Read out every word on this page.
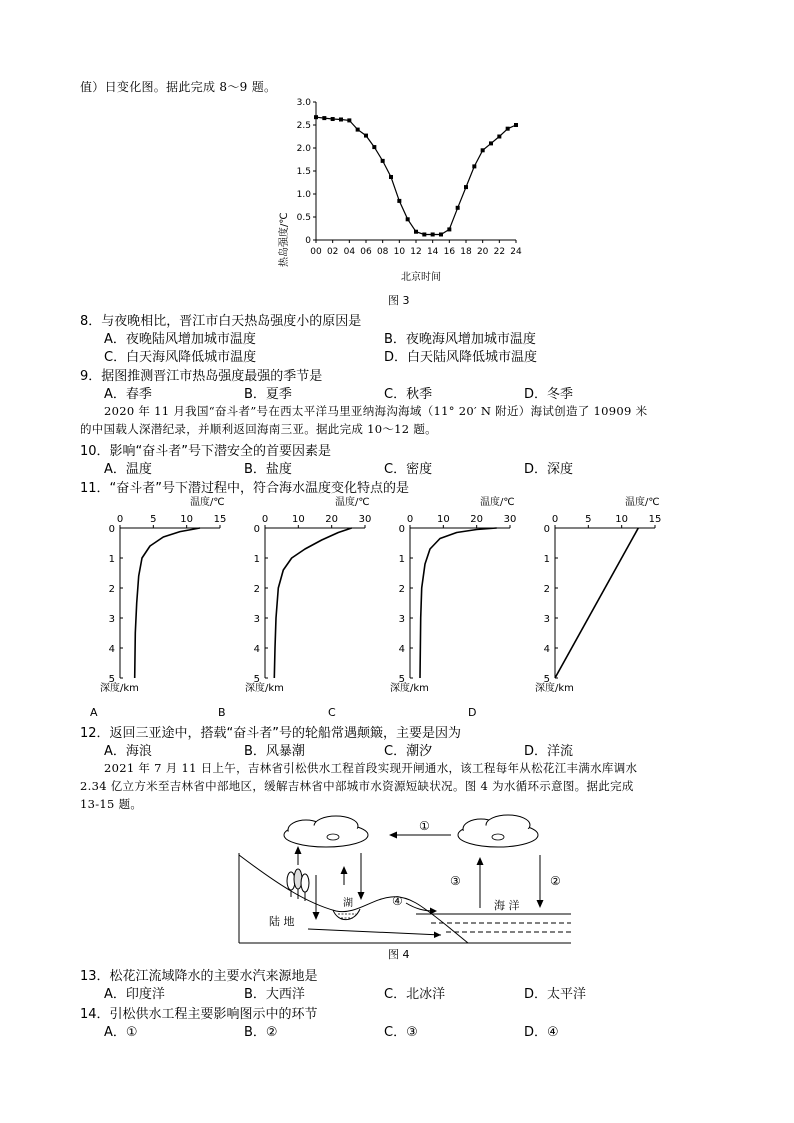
值）日变化图。据此完成 8～9 题。
00 02 04 06 08 10 12 14 16 18 20 22 24
0
0.5
1.0
1.5
2.0
2.5
3.0
热岛强度/℃
北京时间
图 3
8．与夜晚相比，晋江市白天热岛强度小的原因是
A．夜晚陆风增加城市温度	B．夜晚海风增加城市温度
C．白天海风降低城市温度	D．白天陆风降低城市温度
9．据图推测晋江市热岛强度最强的季节是
A．春季	B．夏季	C．秋季	D．冬季
2020 年 11 月我国“奋斗者”号在西太平洋马里亚纳海沟海域（11° 20′ N 附近）海试创造了 10909 米
的中国载人深潜纪录，并顺利返回海南三亚。据此完成 10～12 题。
10．影响“奋斗者”号下潜安全的首要因素是
A．温度	B．盐度	C．密度	D．深度
11．“奋斗者”号下潜过程中，符合海水温度变化特点的是
温度/℃
0	5 10 15
0
1
2
3
4
5
深度/km
A
温度/℃
0 10 20 30
0
1
2
3
4
5
深度/km
B
温度/℃
0 10 20 30
0
1
2
3
4
5
深度/km
C
温度/℃
0	5 10 15
0
1
2
3
4
5
深度/km
D
12．返回三亚途中，搭载“奋斗者”号的轮船常遇颠簸，主要是因为
A．海浪	B．风暴潮	C．潮汐	D．洋流
2021 年 7 月 11 日上午，吉林省引松供水工程首段实现开闸通水，该工程每年从松花江丰满水库调水
2.34 亿立方米至吉林省中部地区，缓解吉林省中部城市水资源短缺状况。图 4 为水循环示意图。据此完成
13-15 题。
湖	海 洋
陆 地
①
②
③
④
图 4
13．松花江流域降水的主要水汽来源地是
A．印度洋	B．大西洋	C．北冰洋	D．太平洋
14．引松供水工程主要影响图示中的环节
A．①	B．②	C．③	D．④
